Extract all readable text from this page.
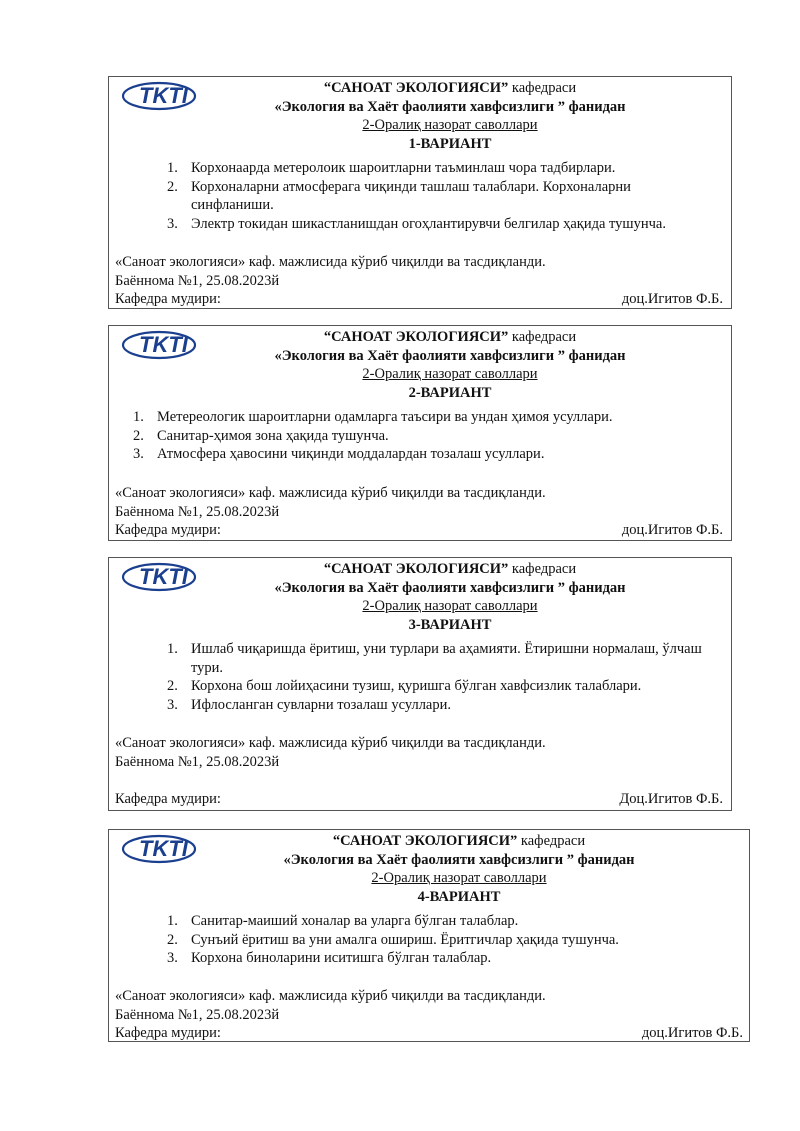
TKTI	“САНОАТ ЭКОЛОГИЯСИ” кафедраси
«Экология ва Хаёт фаолияти хавфсизлиги ” фанидан
2-Оралиқ назорат саволлари
1-ВАРИАНТ
1. Корхонаарда метеролоик шароитларни таъминлаш чора тадбирлари.
2. Корхоналарни атмосферага чиқинди ташлаш талаблари. Корхоналарни синфланиши.
3. Электр токидан шикастланишдан огоҳлантирувчи белгилар ҳақида тушунча.
«Саноат экологияси» каф. мажлисида кўриб чиқилди ва тасдиқланди.
Баённома №1, 25.08.2023й
Кафедра мудири:	доц.Игитов Ф.Б.
TKTI	“САНОАТ ЭКОЛОГИЯСИ” кафедраси
«Экология ва Хаёт фаолияти хавфсизлиги ” фанидан
2-Оралиқ назорат саволлари
2-ВАРИАНТ
1. Метереологик шароитларни одамларга таъсири ва ундан ҳимоя усуллари.
2. Санитар-ҳимоя зона ҳақида тушунча.
3. Атмосфера ҳавосини чиқинди моддалардан тозалаш усуллари.
«Саноат экологияси» каф. мажлисида кўриб чиқилди ва тасдиқланди.
Баённома №1, 25.08.2023й
Кафедра мудири:	доц.Игитов Ф.Б.
TKTI	“САНОАТ ЭКОЛОГИЯСИ” кафедраси
«Экология ва Хаёт фаолияти хавфсизлиги ” фанидан
2-Оралиқ назорат саволлари
3-ВАРИАНТ
1. Ишлаб чиқаришда ёритиш, уни турлари ва аҳамияти. Ётиришни нормалаш, ўлчаш тури.
2. Корхона бош лойиҳасини тузиш, қуришга бўлган хавфсизлик талаблари.
3. Ифлосланган сувларни тозалаш усуллари.
«Саноат экологияси» каф. мажлисида кўриб чиқилди ва тасдиқланди.
Баённома №1, 25.08.2023й
Кафедра мудири:	Доц.Игитов Ф.Б.
TKTI	“САНОАТ ЭКОЛОГИЯСИ” кафедраси
«Экология ва Хаёт фаолияти хавфсизлиги ” фанидан
2-Оралиқ назорат саволлари
4-ВАРИАНТ
1. Санитар-маиший хоналар ва уларга бўлган талаблар.
2. Сунъий ёритиш ва уни амалга ошириш. Ёритгичлар ҳақида тушунча.
3. Корхона биноларини иситишга бўлган талаблар.
«Саноат экологияси» каф. мажлисида кўриб чиқилди ва тасдиқланди.
Баённома №1, 25.08.2023й
Кафедра мудири:	доц.Игитов Ф.Б.
